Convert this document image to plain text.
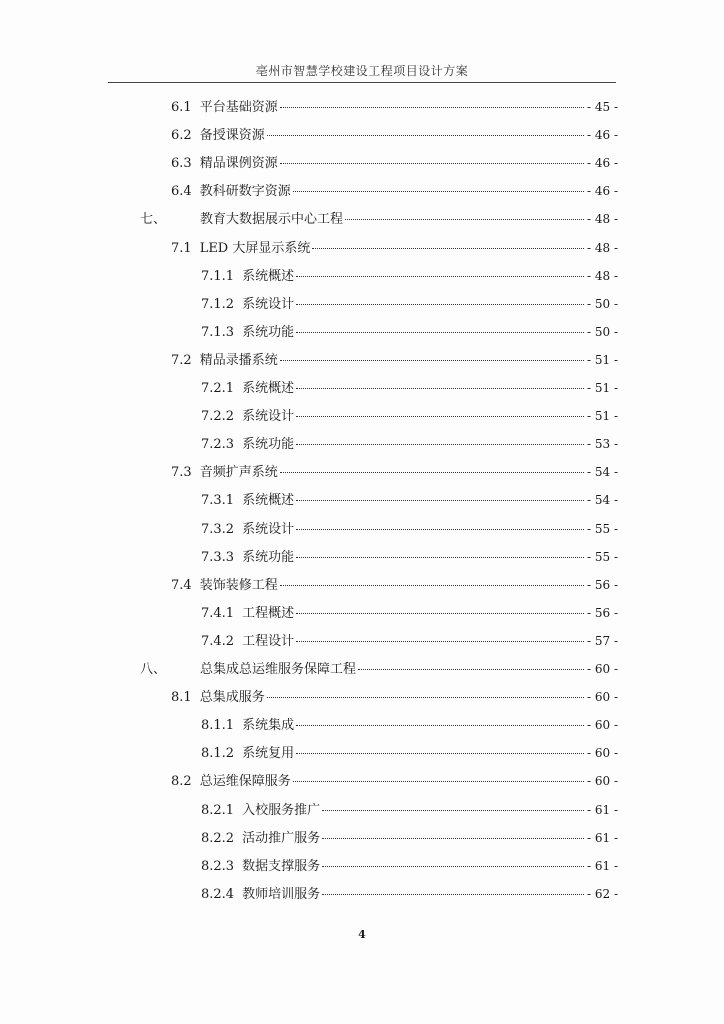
亳州市智慧学校建设工程项目设计方案
6.1 平台基础资源	- 45 -
6.2 备授课资源	- 46 -
6.3 精品课例资源	- 46 -
6.4 教科研数字资源	- 46 -
七、	教育大数据展示中心工程	- 48 -
7.1 LED 大屏显示系统	- 48 -
7.1.1 系统概述	- 48 -
7.1.2 系统设计	- 50 -
7.1.3 系统功能	- 50 -
7.2 精品录播系统	- 51 -
7.2.1 系统概述	- 51 -
7.2.2 系统设计	- 51 -
7.2.3 系统功能	- 53 -
7.3 音频扩声系统	- 54 -
7.3.1 系统概述	- 54 -
7.3.2 系统设计	- 55 -
7.3.3 系统功能	- 55 -
7.4 装饰装修工程	- 56 -
7.4.1 工程概述	- 56 -
7.4.2 工程设计	- 57 -
八、	总集成总运维服务保障工程	- 60 -
8.1 总集成服务	- 60 -
8.1.1 系统集成	- 60 -
8.1.2 系统复用	- 60 -
8.2 总运维保障服务	- 60 -
8.2.1 入校服务推广	- 61 -
8.2.2 活动推广服务	- 61 -
8.2.3 数据支撑服务	- 61 -
8.2.4 教师培训服务	- 62 -
4
